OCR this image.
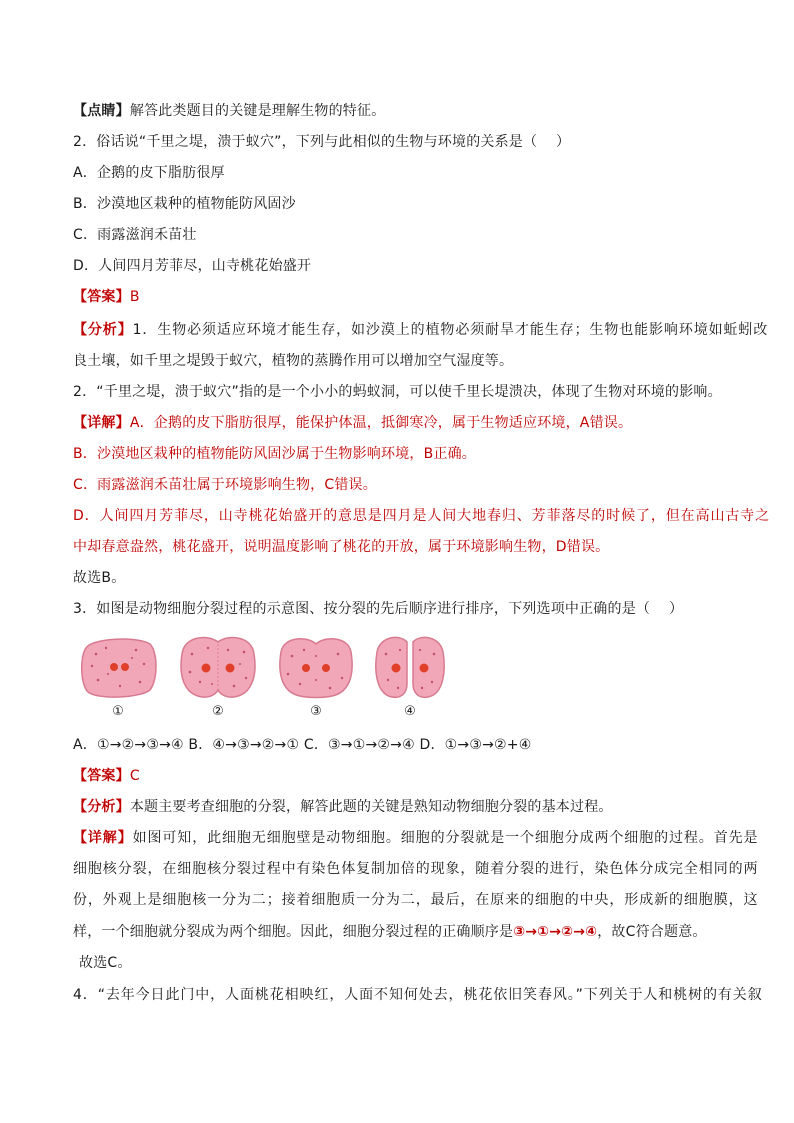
【点睛】解答此类题目的关键是理解生物的特征。
2．俗话说“千里之堤，溃于蚁穴”，下列与此相似的生物与环境的关系是（　 ）
A．企鹅的皮下脂肪很厚
B．沙漠地区栽种的植物能防风固沙
C．雨露滋润禾苗壮
D．人间四月芳菲尽，山寺桃花始盛开
【答案】B
【分析】1．生物必须适应环境才能生存，如沙漠上的植物必须耐旱才能生存；生物也能影响环境如蚯蚓改
良土壤，如千里之堤毁于蚁穴，植物的蒸腾作用可以增加空气湿度等。
2．“千里之堤，溃于蚁穴”指的是一个小小的蚂蚁洞，可以使千里长堤溃决，体现了生物对环境的影响。
【详解】A．企鹅的皮下脂肪很厚，能保护体温，抵御寒冷，属于生物适应环境，A错误。
B．沙漠地区栽种的植物能防风固沙属于生物影响环境，B正确。
C．雨露滋润禾苗壮属于环境影响生物，C错误。
D．人间四月芳菲尽，山寺桃花始盛开的意思是四月是人间大地春归、芳菲落尽的时候了，但在高山古寺之
中却春意盎然，桃花盛开，说明温度影响了桃花的开放，属于环境影响生物，D错误。
故选B。
3．如图是动物细胞分裂过程的示意图、按分裂的先后顺序进行排序，下列选项中正确的是（　 ）
①	②	③	④
A．①→②→③→④ B．④→③→②→① C．③→①→②→④ D．①→③→②+④
【答案】C
【分析】本题主要考查细胞的分裂，解答此题的关键是熟知动物细胞分裂的基本过程。
【详解】如图可知，此细胞无细胞壁是动物细胞。细胞的分裂就是一个细胞分成两个细胞的过程。首先是
细胞核分裂，在细胞核分裂过程中有染色体复制加倍的现象，随着分裂的进行，染色体分成完全相同的两
份，外观上是细胞核一分为二；接着细胞质一分为二，最后，在原来的细胞的中央，形成新的细胞膜，这
样，一个细胞就分裂成为两个细胞。因此，细胞分裂过程的正确顺序是③→①→②→④，故C符合题意。
故选C。
4．“去年今日此门中，人面桃花相映红，人面不知何处去，桃花依旧笑春风。”下列关于人和桃树的有关叙
